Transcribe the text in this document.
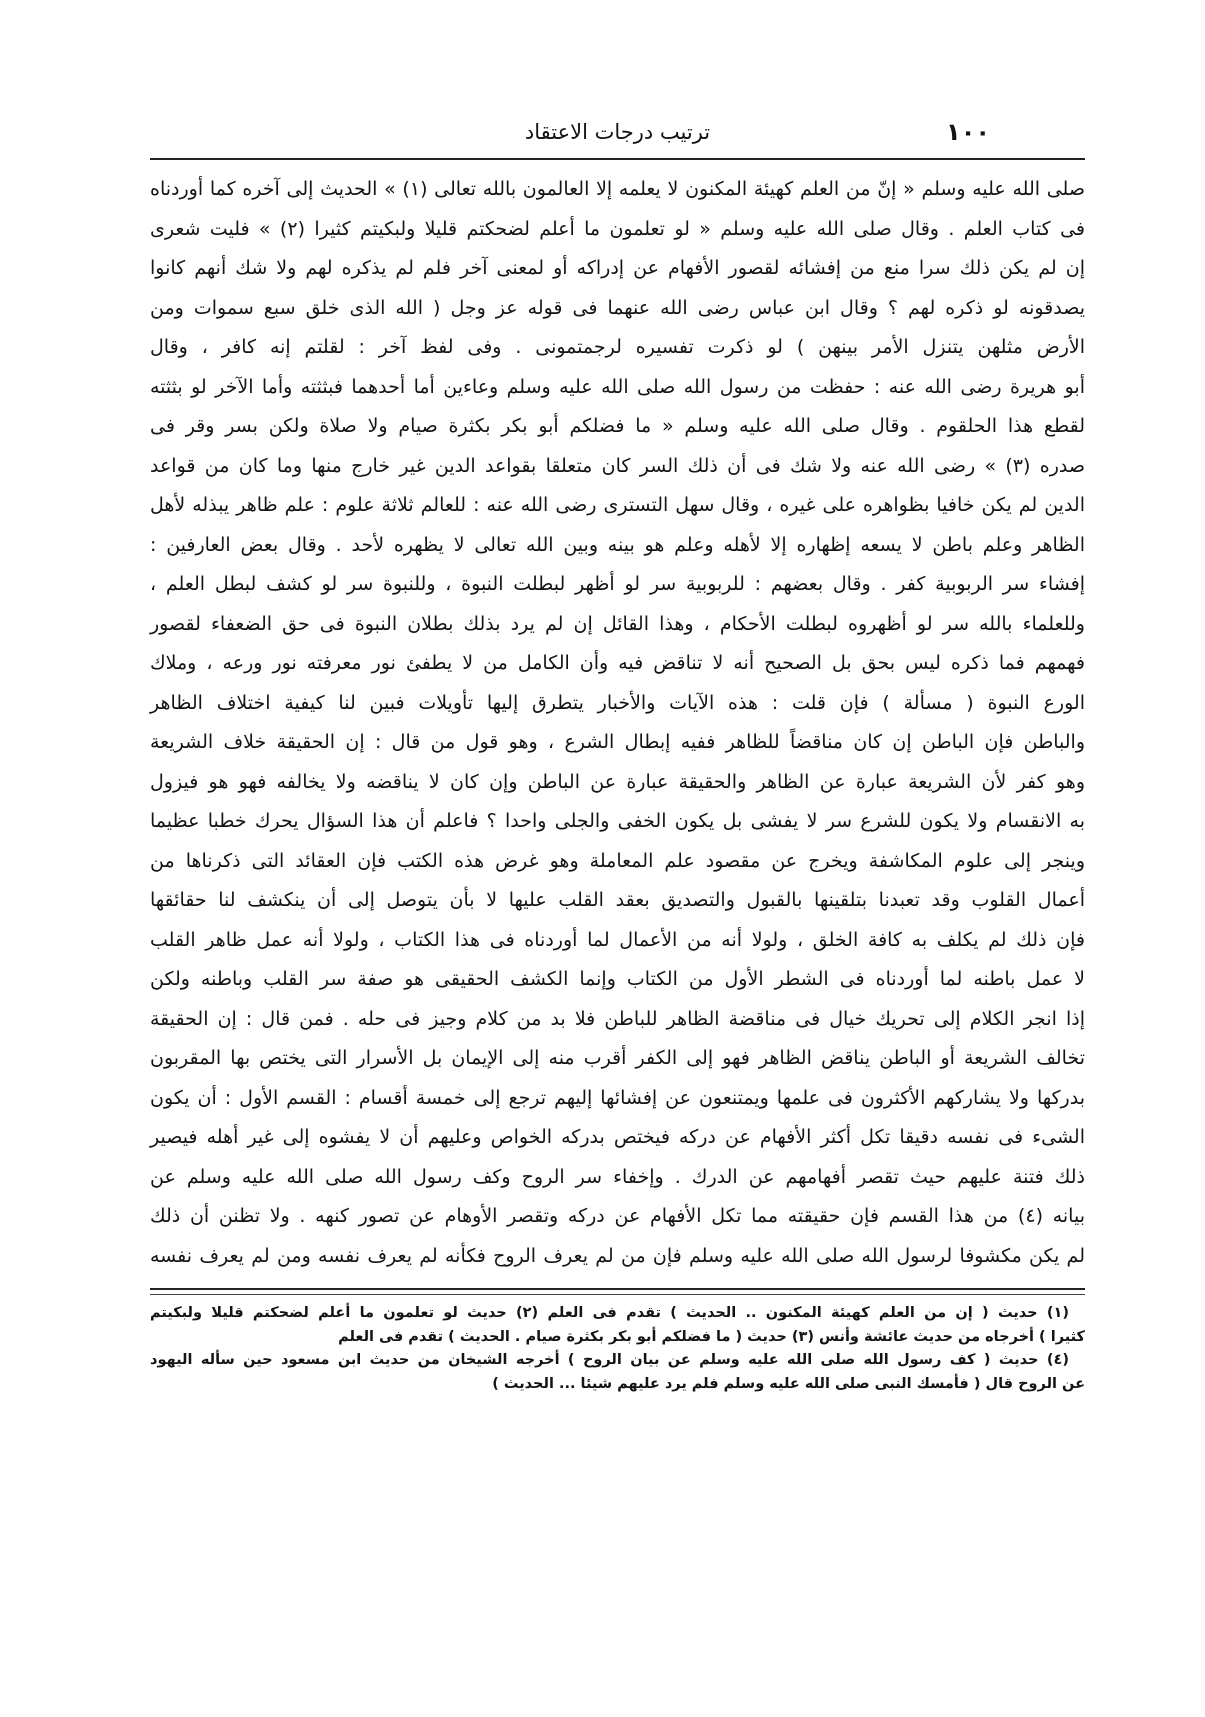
١٠٠
ترتيب درجات الاعتقاد
صلى الله عليه وسلم « إنّ من العلم كهيئة المكنون لا يعلمه إلا العالمون بالله تعالى (١) » الحديث إلى آخره كما أوردناه
فى كتاب العلم . وقال صلى الله عليه وسلم « لو تعلمون ما أعلم لضحكتم قليلا ولبكيتم كثيرا (٢) » فليت شعرى
إن لم يكن ذلك سرا منع من إفشائه لقصور الأفهام عن إدراكه أو لمعنى آخر فلم لم يذكره لهم ولا شك أنهم كانوا
يصدقونه لو ذكره لهم ؟ وقال ابن عباس رضى الله عنهما فى قوله عز وجل ( الله الذى خلق سبع سموات ومن
الأرض مثلهن يتنزل الأمر بينهن ) لو ذكرت تفسيره لرجمتمونى . وفى لفظ آخر : لقلتم إنه كافر ، وقال
أبو هريرة رضى الله عنه : حفظت من رسول الله صلى الله عليه وسلم وعاءين أما أحدهما فبثثته وأما الآخر لو بثثته
لقطع هذا الحلقوم . وقال صلى الله عليه وسلم « ما فضلكم أبو بكر بكثرة صيام ولا صلاة ولكن بسر وقر فى
صدره (٣) » رضى الله عنه ولا شك فى أن ذلك السر كان متعلقا بقواعد الدين غير خارج منها وما كان من قواعد
الدين لم يكن خافيا بظواهره على غيره ، وقال سهل التسترى رضى الله عنه : للعالم ثلاثة علوم : علم ظاهر يبذله لأهل
الظاهر وعلم باطن لا يسعه إظهاره إلا لأهله وعلم هو بينه وبين الله تعالى لا يظهره لأحد . وقال بعض العارفين :
إفشاء سر الربوبية كفر . وقال بعضهم : للربوبية سر لو أظهر لبطلت النبوة ، وللنبوة سر لو كشف لبطل العلم ،
وللعلماء بالله سر لو أظهروه لبطلت الأحكام ، وهذا القائل إن لم يرد بذلك بطلان النبوة فى حق الضعفاء لقصور
فهمهم فما ذكره ليس بحق بل الصحيح أنه لا تناقض فيه وأن الكامل من لا يطفئ نور معرفته نور ورعه ، وملاك
الورع النبوة ( مسألة ) فإن قلت : هذه الآيات والأخبار يتطرق إليها تأويلات فبين لنا كيفية اختلاف الظاهر
والباطن فإن الباطن إن كان مناقضاً للظاهر ففيه إبطال الشرع ، وهو قول من قال : إن الحقيقة خلاف الشريعة
وهو كفر لأن الشريعة عبارة عن الظاهر والحقيقة عبارة عن الباطن وإن كان لا يناقضه ولا يخالفه فهو هو فيزول
به الانقسام ولا يكون للشرع سر لا يفشى بل يكون الخفى والجلى واحدا ؟ فاعلم أن هذا السؤال يحرك خطبا عظيما
وينجر إلى علوم المكاشفة ويخرج عن مقصود علم المعاملة وهو غرض هذه الكتب فإن العقائد التى ذكرناها من
أعمال القلوب وقد تعبدنا بتلقينها بالقبول والتصديق بعقد القلب عليها لا بأن يتوصل إلى أن ينكشف لنا حقائقها
فإن ذلك لم يكلف به كافة الخلق ، ولولا أنه من الأعمال لما أوردناه فى هذا الكتاب ، ولولا أنه عمل ظاهر القلب
لا عمل باطنه لما أوردناه فى الشطر الأول من الكتاب وإنما الكشف الحقيقى هو صفة سر القلب وباطنه ولكن
إذا انجر الكلام إلى تحريك خيال فى مناقضة الظاهر للباطن فلا بد من كلام وجيز فى حله . فمن قال : إن الحقيقة
تخالف الشريعة أو الباطن يناقض الظاهر فهو إلى الكفر أقرب منه إلى الإيمان بل الأسرار التى يختص بها المقربون
بدركها ولا يشاركهم الأكثرون فى علمها ويمتنعون عن إفشائها إليهم ترجع إلى خمسة أقسام : القسم الأول : أن يكون
الشىء فى نفسه دقيقا تكل أكثر الأفهام عن دركه فيختص بدركه الخواص وعليهم أن لا يفشوه إلى غير أهله فيصير
ذلك فتنة عليهم حيث تقصر أفهامهم عن الدرك . وإخفاء سر الروح وكف رسول الله صلى الله عليه وسلم عن
بيانه (٤) من هذا القسم فإن حقيقته مما تكل الأفهام عن دركه وتقصر الأوهام عن تصور كنهه . ولا تظنن أن ذلك
لم يكن مكشوفا لرسول الله صلى الله عليه وسلم فإن من لم يعرف الروح فكأنه لم يعرف نفسه ومن لم يعرف نفسه
(١) حديث ( إن من العلم كهيئة المكنون .. الحديث ) تقدم فى العلم (٢) حديث لو تعلمون ما أعلم لضحكتم قليلا ولبكيتم
كثيرا ) أخرجاه من حديث عائشة وأنس (٣) حديث ( ما فضلكم أبو بكر بكثرة صيام . الحديث ) تقدم فى العلم
(٤) حديث ( كف رسول الله صلى الله عليه وسلم عن بيان الروح ) أخرجه الشيخان من حديث ابن مسعود حين سأله اليهود
عن الروح قال ( فأمسك النبى صلى الله عليه وسلم فلم يرد عليهم شيئا ... الحديث )
